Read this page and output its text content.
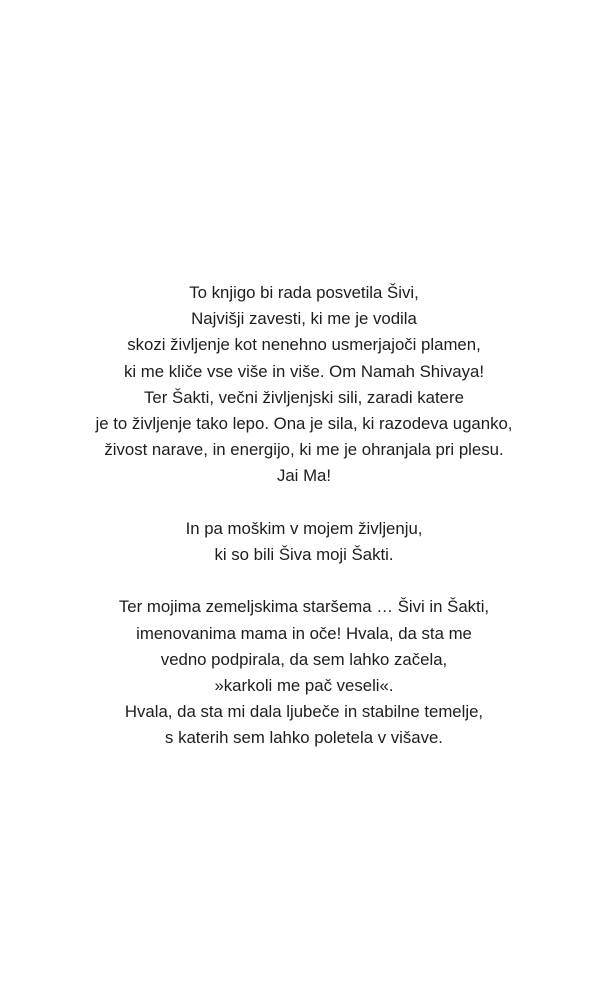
To knjigo bi rada posvetila Šivi,
Najvišji zavesti, ki me je vodila
skozi življenje kot nenehno usmerjajoči plamen,
ki me kliče vse više in više. Om Namah Shivaya!
Ter Šakti, večni življenjski sili, zaradi katere
je to življenje tako lepo. Ona je sila, ki razodeva uganko,
živost narave, in energijo, ki me je ohranjala pri plesu.
Jai Ma!

In pa moškim v mojem življenju,
ki so bili Šiva moji Šakti.

Ter mojima zemeljskima staršema … Šivi in Šakti,
imenovanima mama in oče! Hvala, da sta me
vedno podpirala, da sem lahko začela,
»karkoli me pač veseli«.
Hvala, da sta mi dala ljubeče in stabilne temelje,
s katerih sem lahko poletela v višave.
